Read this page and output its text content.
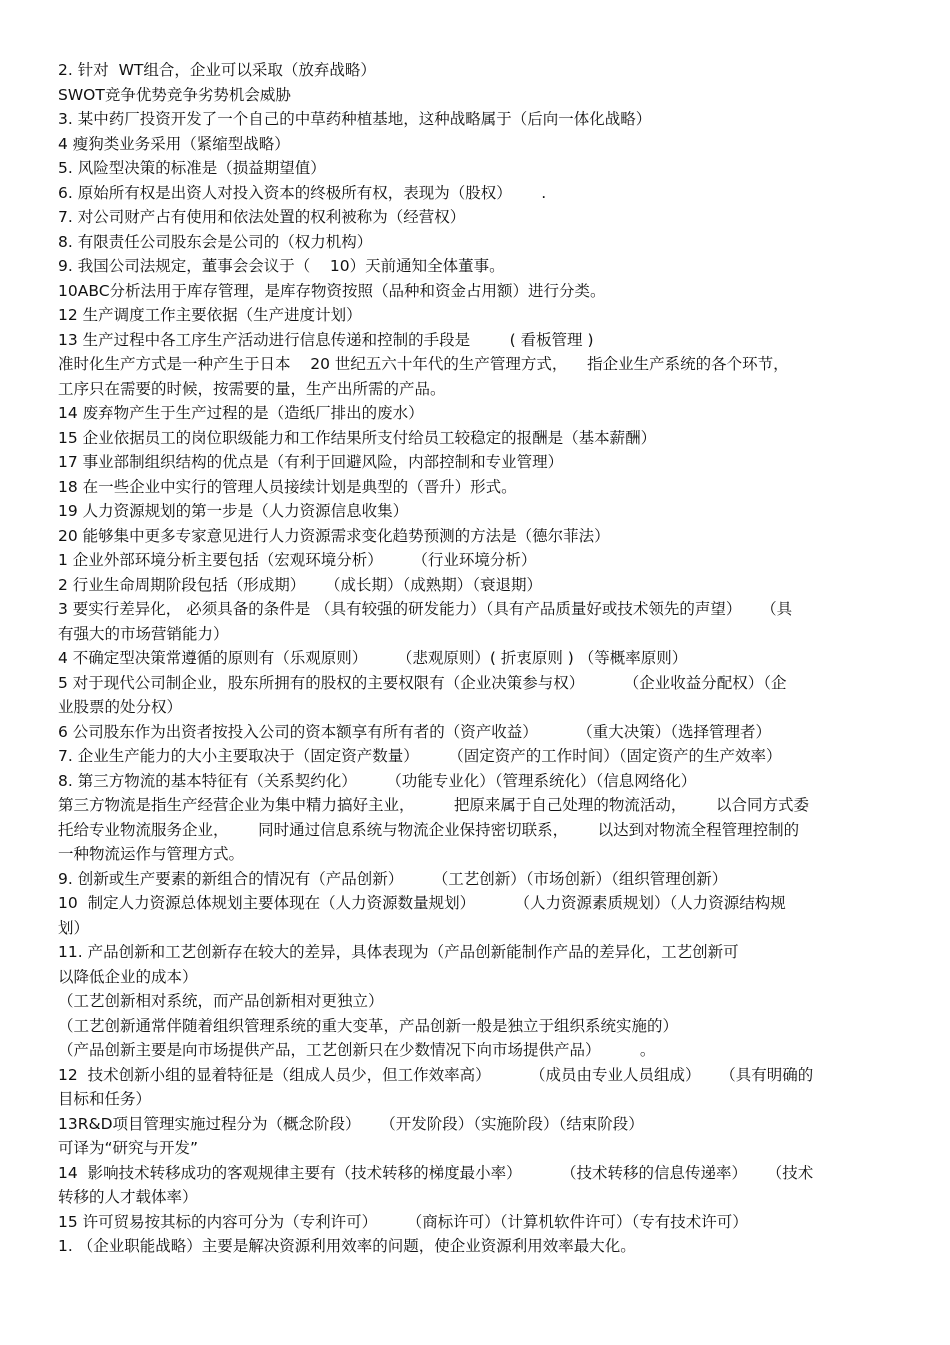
2. 针对  WT组合，企业可以采取（放弃战略）
SWOT竞争优势竞争劣势机会威胁
3. 某中药厂投资开发了一个自己的中草药种植基地，这种战略属于（后向一体化战略）
4 瘦狗类业务采用（紧缩型战略）
5. 风险型决策的标准是（损益期望值）
6. 原始所有权是出资人对投入资本的终极所有权，表现为（股权）      .
7. 对公司财产占有使用和依法处置的权利被称为（经营权）
8. 有限责任公司股东会是公司的（权力机构）
9. 我国公司法规定，董事会会议于（    10）天前通知全体董事。
10ABC分析法用于库存管理，是库存物资按照（品种和资金占用额）进行分类。
12 生产调度工作主要依据（生产进度计划）
13 生产过程中各工序生产活动进行信息传递和控制的手段是        ( 看板管理 )
准时化生产方式是一种产生于日本    20 世纪五六十年代的生产管理方式，    指企业生产系统的各个环节，
工序只在需要的时候，按需要的量，生产出所需的产品。
14 废弃物产生于生产过程的是（造纸厂排出的废水）
15 企业依据员工的岗位职级能力和工作结果所支付给员工较稳定的报酬是（基本薪酬）
17 事业部制组织结构的优点是（有利于回避风险，内部控制和专业管理）
18 在一些企业中实行的管理人员接续计划是典型的（晋升）形式。
19 人力资源规划的第一步是（人力资源信息收集）
20 能够集中更多专家意见进行人力资源需求变化趋势预测的方法是（德尔菲法）
1 企业外部环境分析主要包括（宏观环境分析）      （行业环境分析）
2 行业生命周期阶段包括（形成期）    （成长期）（成熟期）（衰退期）
3 要实行差异化， 必须具备的条件是 （具有较强的研发能力）（具有产品质量好或技术领先的声望）    （具
有强大的市场营销能力）
4 不确定型决策常遵循的原则有（乐观原则）      （悲观原则）( 折衷原则 ) （等概率原则）
5 对于现代公司制企业，股东所拥有的股权的主要权限有（企业决策参与权）        （企业收益分配权）（企
业股票的处分权）
6 公司股东作为出资者按投入公司的资本额享有所有者的（资产收益）        （重大决策）（选择管理者）
7. 企业生产能力的大小主要取决于（固定资产数量）      （固定资产的工作时间）（固定资产的生产效率）
8. 第三方物流的基本特征有（关系契约化）      （功能专业化）（管理系统化）（信息网络化）
第三方物流是指生产经营企业为集中精力搞好主业，        把原来属于自己处理的物流活动，      以合同方式委
托给专业物流服务企业，      同时通过信息系统与物流企业保持密切联系，      以达到对物流全程管理控制的
一种物流运作与管理方式。
9. 创新或生产要素的新组合的情况有（产品创新）      （工艺创新）（市场创新）（组织管理创新）
10  制定人力资源总体规划主要体现在（人力资源数量规划）        （人力资源素质规划）（人力资源结构规
划）
11. 产品创新和工艺创新存在较大的差异，具体表现为（产品创新能制作产品的差异化，工艺创新可
以降低企业的成本）
（工艺创新相对系统，而产品创新相对更独立）
（工艺创新通常伴随着组织管理系统的重大变革，产品创新一般是独立于组织系统实施的）
（产品创新主要是向市场提供产品，工艺创新只在少数情况下向市场提供产品）        。
12  技术创新小组的显着特征是（组成人员少，但工作效率高）        （成员由专业人员组成）    （具有明确的
目标和任务）
13R&D项目管理实施过程分为（概念阶段）    （开发阶段）（实施阶段）（结束阶段）
可译为“研究与开发”
14  影响技术转移成功的客观规律主要有（技术转移的梯度最小率）        （技术转移的信息传递率）    （技术
转移的人才载体率）
15 许可贸易按其标的内容可分为（专利许可）      （商标许可）（计算机软件许可）（专有技术许可）
1. （企业职能战略）主要是解决资源利用效率的问题，使企业资源利用效率最大化。
